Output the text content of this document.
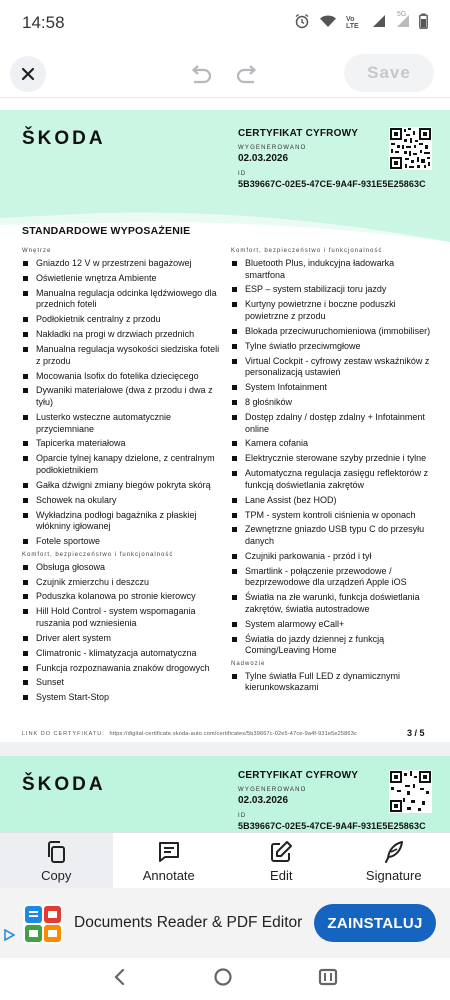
14:58	Vo LTE
5G
Save
ŠKODA	CERTYFIKAT CYFROWY
WYGENEROWANO
02.03.2026
ID
5B39667C-02E5-47CE-9A4F-931E5E25863C
STANDARDOWE WYPOSAŻENIE
Wnętrze
Gniazdo 12 V w przestrzeni bagażowej
Oświetlenie wnętrza Ambiente
Manualna regulacja odcinka lędźwiowego dla przednich foteli
Podłokietnik centralny z przodu
Nakładki na progi w drzwiach przednich
Manualna regulacja wysokości siedziska foteli z przodu
Mocowania Isofix do fotelika dziecięcego
Dywaniki materiałowe (dwa z przodu i dwa z tyłu)
Lusterko wsteczne automatycznie przyciemniane
Tapicerka materiałowa
Oparcie tylnej kanapy dzielone, z centralnym podłokietnikiem
Gałka dźwigni zmiany biegów pokryta skórą
Schowek na okulary
Wykładzina podłogi bagażnika z płaskiej włókniny igłowanej
Fotele sportowe
Komfort, bezpieczeństwo i funkcjonalność
Obsługa głosowa
Czujnik zmierzchu i deszczu
Poduszka kolanowa po stronie kierowcy
Hill Hold Control - system wspomagania ruszania pod wzniesienia
Driver alert system
Climatronic - klimatyzacja automatyczna
Funkcja rozpoznawania znaków drogowych
Sunset
System Start-Stop
Komfort, bezpieczeństwo i funkcjonalność
Bluetooth Plus, indukcyjna ładowarka smartfona
ESP – system stabilizacji toru jazdy
Kurtyny powietrzne i boczne poduszki powietrzne z przodu
Blokada przeciwuruchomieniowa (immobiliser)
Tylne światło przeciwmgłowe
Virtual Cockpit - cyfrowy zestaw wskaźników z personalizacją ustawień
System Infotainment
8 głośników
Dostęp zdalny / dostęp zdalny + Infotainment online
Kamera cofania
Elektrycznie sterowane szyby przednie i tylne
Automatyczna regulacja zasięgu reflektorów z funkcją doświetlania zakrętów
Lane Assist (bez HOD)
TPM - system kontroli ciśnienia w oponach
Zewnętrzne gniazdo USB typu C do przesyłu danych
Czujniki parkowania - przód i tył
Smartlink - połączenie przewodowe / bezprzewodowe dla urządzeń Apple iOS
Światła na złe warunki, funkcja doświetlania zakrętów, światła autostradowe
System alarmowy eCall+
Światła do jazdy dziennej z funkcją Coming/Leaving Home
Nadwozie
Tylne światła Full LED z dynamicznymi kierunkowskazami
LINK DO CERTYFIKATU: https://digital-certificate.skoda-auto.com/certificates/5b39667c-02e5-47ce-9a4f-931e5e25863c	3 / 5
ŠKODA	CERTYFIKAT CYFROWY
WYGENEROWANO
02.03.2026
ID
5B39667C-02E5-47CE-9A4F-931E5E25863C
Copy	Annotate	Edit	Signature
Documents Reader & PDF Editor	ZAINSTALUJ
